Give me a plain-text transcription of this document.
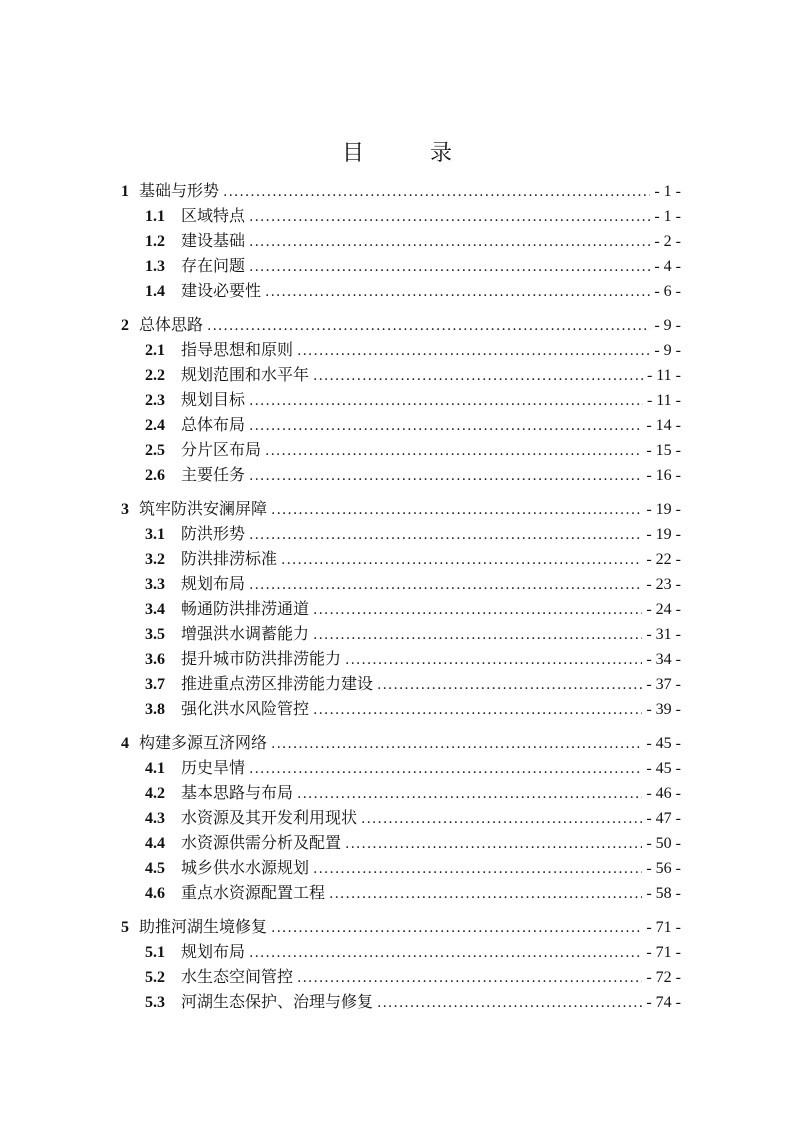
目　录
1 基础与形势 .....	- 1 -
1.1	区域特点 .....	- 1 -
1.2	建设基础 .....	- 2 -
1.3	存在问题 .....	- 4 -
1.4	建设必要性 .....	- 6 -
2 总体思路 .....	- 9 -
2.1	指导思想和原则 .....	- 9 -
2.2	规划范围和水平年 .....	- 11 -
2.3	规划目标 .....	- 11 -
2.4	总体布局 .....	- 14 -
2.5	分片区布局 .....	- 15 -
2.6	主要任务 .....	- 16 -
3 筑牢防洪安澜屏障 .....	- 19 -
3.1	防洪形势 .....	- 19 -
3.2	防洪排涝标准 .....	- 22 -
3.3	规划布局 .....	- 23 -
3.4	畅通防洪排涝通道 .....	- 24 -
3.5	增强洪水调蓄能力 .....	- 31 -
3.6	提升城市防洪排涝能力 .....	- 34 -
3.7	推进重点涝区排涝能力建设 .....	- 37 -
3.8	强化洪水风险管控 .....	- 39 -
4 构建多源互济网络 .....	- 45 -
4.1	历史旱情 .....	- 45 -
4.2	基本思路与布局 .....	- 46 -
4.3	水资源及其开发利用现状 .....	- 47 -
4.4	水资源供需分析及配置 .....	- 50 -
4.5	城乡供水水源规划 .....	- 56 -
4.6	重点水资源配置工程 .....	- 58 -
5 助推河湖生境修复 .....	- 71 -
5.1	规划布局 .....	- 71 -
5.2	水生态空间管控 .....	- 72 -
5.3	河湖生态保护、治理与修复 .....	- 74 -
